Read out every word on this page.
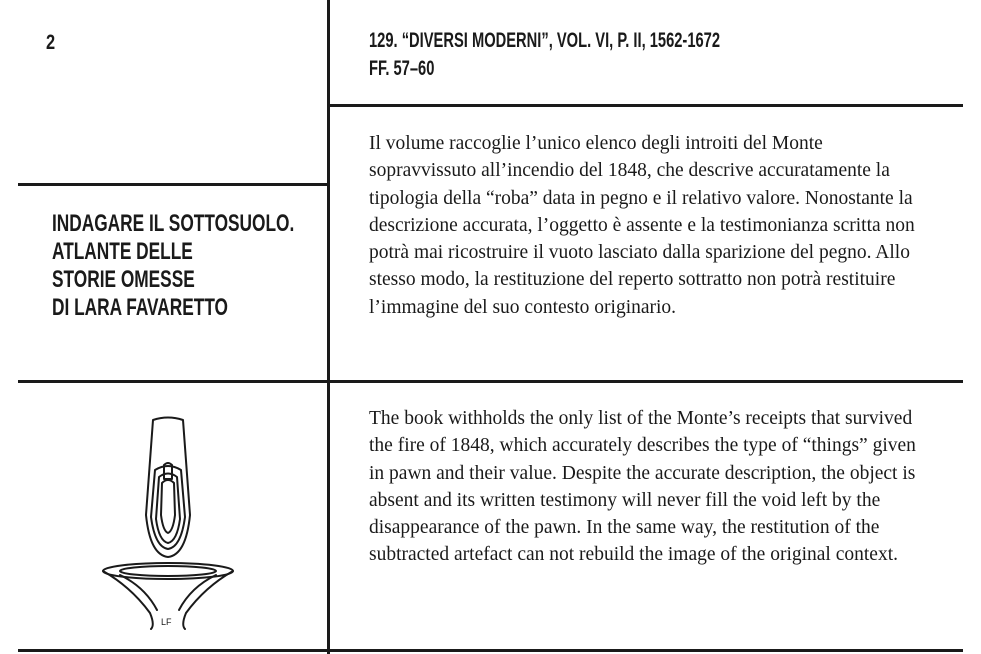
2	129. “DIVERSI MODERNI”, VOL. VI, P. II, 1562-1672
FF. 57–60
INDAGARE IL SOTTOSUOLO.
ATLANTE DELLE
STORIE OMESSE
DI LARA FAVARETTO

Il volume raccoglie l’unico elenco degli introiti del Monte sopravvissuto all’incendio del 1848, che descrive accuratamente la tipologia della “roba” data in pegno e il relativo valore. Nonostante la descrizione accurata, l’oggetto è assente e la testimonianza scritta non potrà mai ricostruire il vuoto lasciato dalla sparizione del pegno. Allo stesso modo, la restituzione del reperto sottratto non potrà restituire l’immagine del suo contesto originario.

The book withholds the only list of the Monte’s receipts that survived the fire of 1848, which accurately describes the type of “things” given in pawn and their value. Despite the accurate description, the object is absent and its written testimony will never fill the void left by the disappearance of the pawn. In the same way, the restitution of the subtracted artefact can not rebuild the image of the original context.

LF
